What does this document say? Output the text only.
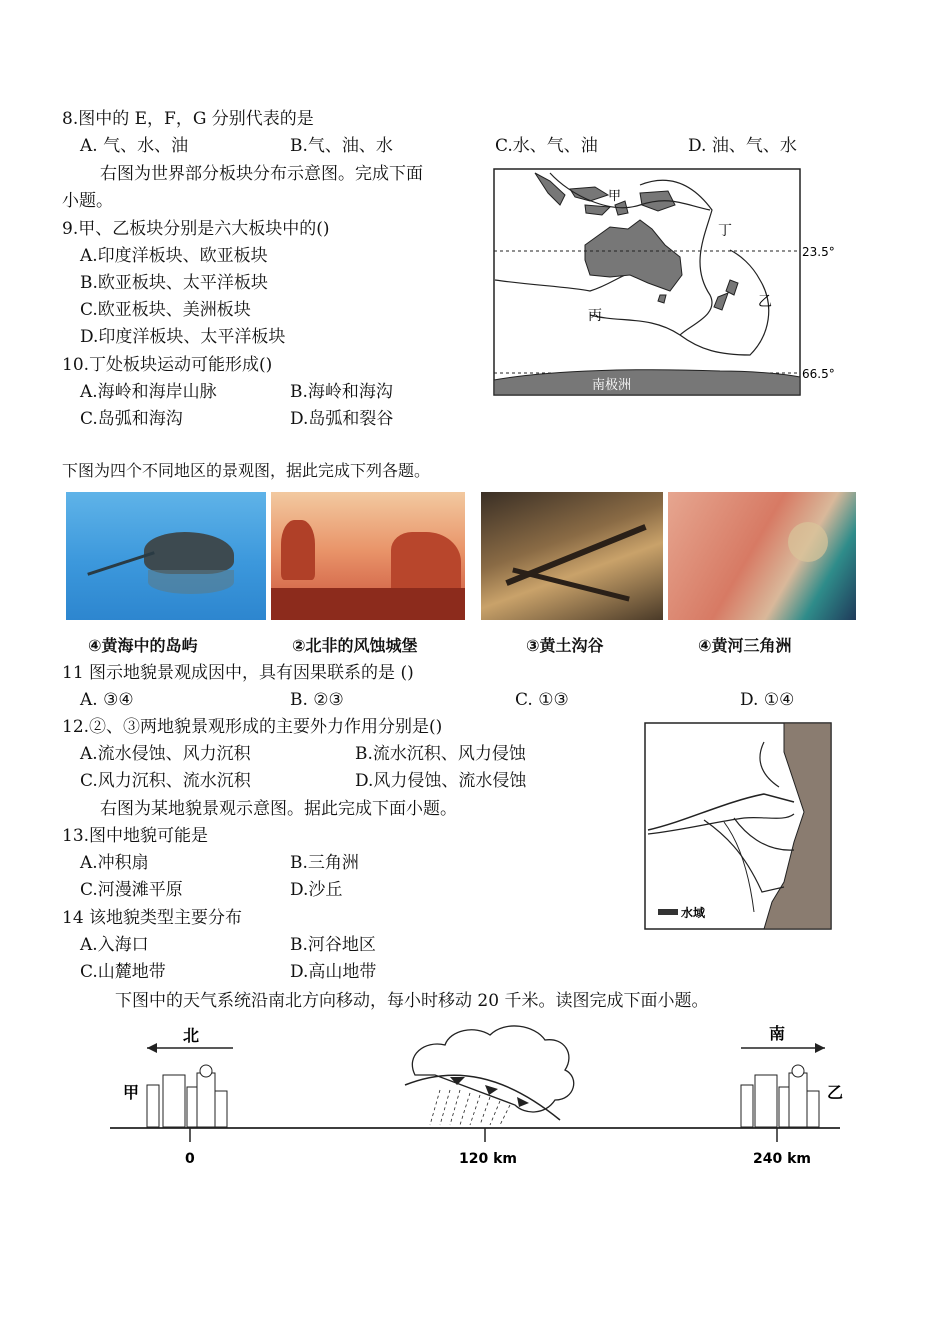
8.图中的 E，F，G 分别代表的是
A. 气、水、油	B.气、油、水	C.水、气、油	D. 油、气、水
右图为世界部分板块分布示意图。完成下面
小题。
9.甲、乙板块分别是六大板块中的()
A.印度洋板块、欧亚板块
B.欧亚板块、太平洋板块
C.欧亚板块、美洲板块
D.印度洋板块、太平洋板块
10.丁处板块运动可能形成()
A.海岭和海岸山脉	B.海岭和海沟
C.岛弧和海沟	D.岛弧和裂谷
甲
乙
丙
丁
23.5°
66.5°
南极洲
下图为四个不同地区的景观图，据此完成下列各题。
④黄海中的岛屿	②北非的风蚀城堡	③黄土沟谷	④黄河三角洲
11 图示地貌景观成因中，具有因果联系的是 ()
A. ③④	B. ②③	C. ①③	D. ①④
12.②、③两地貌景观形成的主要外力作用分别是()
A.流水侵蚀、风力沉积	B.流水沉积、风力侵蚀
C.风力沉积、流水沉积	D.风力侵蚀、流水侵蚀
右图为某地貌景观示意图。据此完成下面小题。
13.图中地貌可能是
A.冲积扇	B.三角洲
C.河漫滩平原	D.沙丘
14 该地貌类型主要分布
A.入海口	B.河谷地区
C.山麓地带	D.高山地带
水域
下图中的天气系统沿南北方向移动，每小时移动 20 千米。读图完成下面小题。
北	南
甲	乙
0	120 km	240 km
